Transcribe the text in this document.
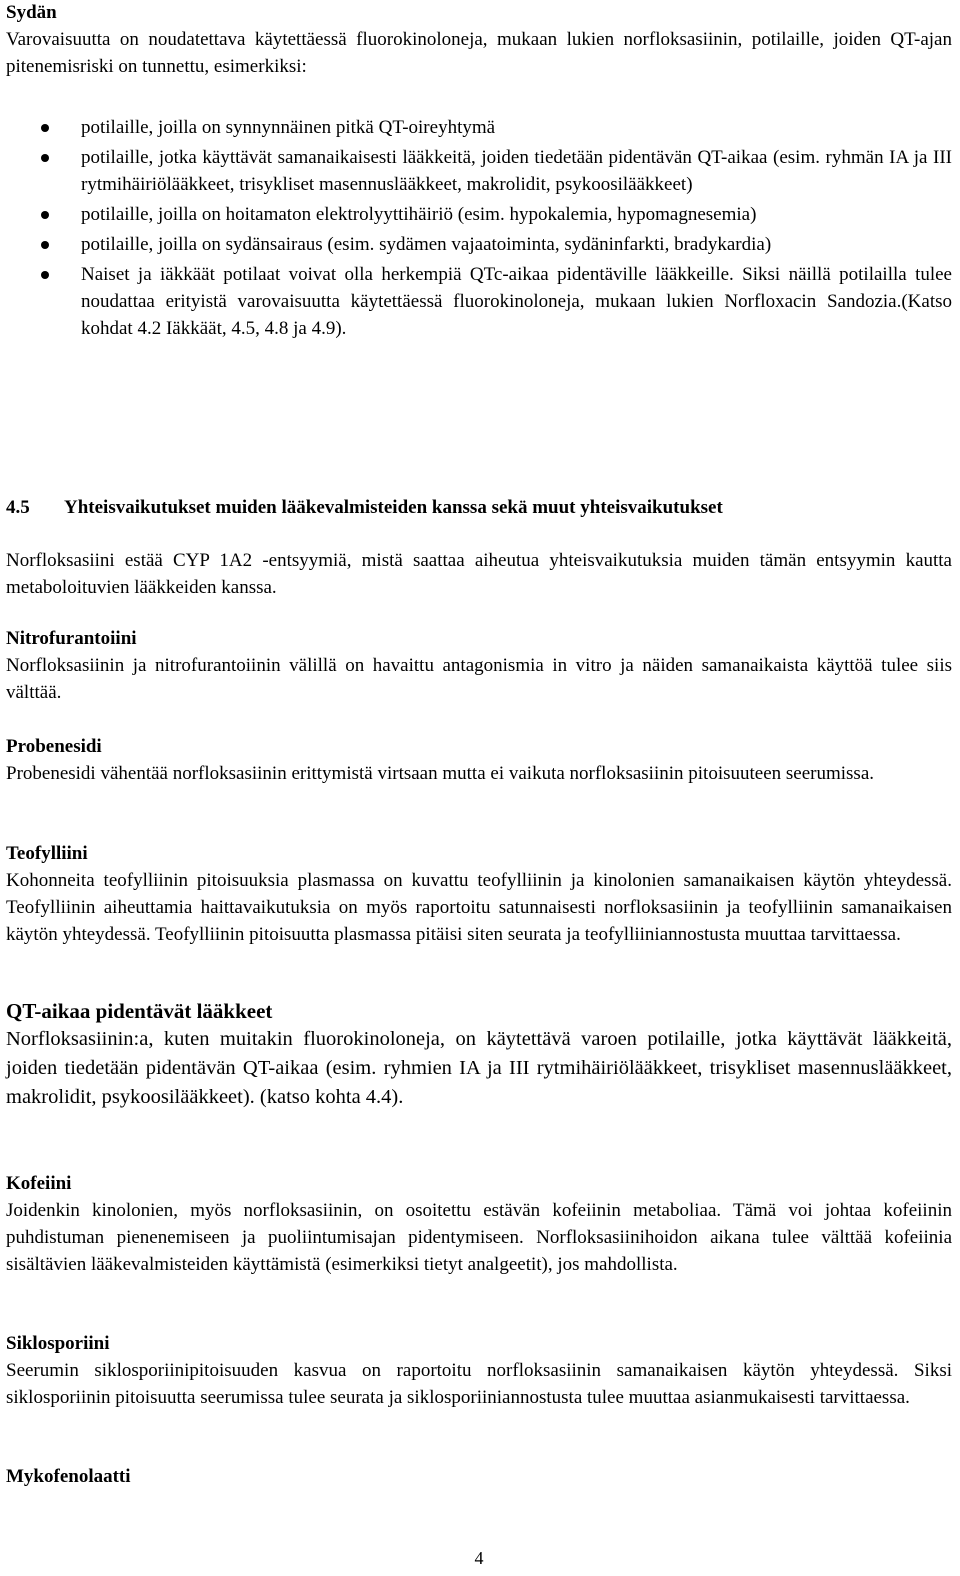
Sydän

Varovaisuutta on noudatettava käytettäessä fluorokinoloneja, mukaan lukien norfloksasiinin, potilaille, joiden QT-ajan pitenemisriski on tunnettu, esimerkiksi:

potilaille, joilla on synnynnäinen pitkä QT-oireyhtymä
potilaille, jotka käyttävät samanaikaisesti lääkkeitä, joiden tiedetään pidentävän QT-aikaa (esim. ryhmän IA ja III rytmihäiriölääkkeet, trisykliset masennuslääkkeet, makrolidit, psykoosilääkkeet)
potilaille, joilla on hoitamaton elektrolyyttihäiriö (esim. hypokalemia, hypomagnesemia)
potilaille, joilla on sydänsairaus (esim. sydämen vajaatoiminta, sydäninfarkti, bradykardia)
Naiset ja iäkkäät potilaat voivat olla herkempiä QTc-aikaa pidentäville lääkkeille. Siksi näillä potilailla tulee noudattaa erityistä varovaisuutta käytettäessä fluorokinoloneja, mukaan lukien Norfloxacin Sandozia.(Katso kohdat 4.2 Iäkkäät, 4.5, 4.8 ja 4.9).

4.5 Yhteisvaikutukset muiden lääkevalmisteiden kanssa sekä muut yhteisvaikutukset

Norfloksasiini estää CYP 1A2 -entsyymiä, mistä saattaa aiheutua yhteisvaikutuksia muiden tämän entsyymin kautta metaboloituvien lääkkeiden kanssa.

Nitrofurantoiini

Norfloksasiinin ja nitrofurantoiinin välillä on havaittu antagonismia in vitro ja näiden samanaikaista käyttöä tulee siis välttää.

Probenesidi

Probenesidi vähentää norfloksasiinin erittymistä virtsaan mutta ei vaikuta norfloksasiinin pitoisuuteen seerumissa.

Teofylliini

Kohonneita teofylliinin pitoisuuksia plasmassa on kuvattu teofylliinin ja kinolonien samanaikaisen käytön yhteydessä. Teofylliinin aiheuttamia haittavaikutuksia on myös raportoitu satunnaisesti norfloksasiinin ja teofylliinin samanaikaisen käytön yhteydessä. Teofylliinin pitoisuutta plasmassa pitäisi siten seurata ja teofylliiniannostusta muuttaa tarvittaessa.

QT-aikaa pidentävät lääkkeet

Norfloksasiinin:a, kuten muitakin fluorokinoloneja, on käytettävä varoen potilaille, jotka käyttävät lääkkeitä, joiden tiedetään pidentävän QT-aikaa (esim. ryhmien IA ja III rytmihäiriölääkkeet, trisykliset masennuslääkkeet, makrolidit, psykoosilääkkeet). (katso kohta 4.4).

Kofeiini

Joidenkin kinolonien, myös norfloksasiinin, on osoitettu estävän kofeiinin metaboliaa. Tämä voi johtaa kofeiinin puhdistuman pienenemiseen ja puoliintumisajan pidentymiseen. Norfloksasiinihoidon aikana tulee välttää kofeiinia sisältävien lääkevalmisteiden käyttämistä (esimerkiksi tietyt analgeetit), jos mahdollista.

Siklosporiini

Seerumin siklosporiinipitoisuuden kasvua on raportoitu norfloksasiinin samanaikaisen käytön yhteydessä. Siksi siklosporiinin pitoisuutta seerumissa tulee seurata ja siklosporiiniannostusta tulee muuttaa asianmukaisesti tarvittaessa.

Mykofenolaatti

4
